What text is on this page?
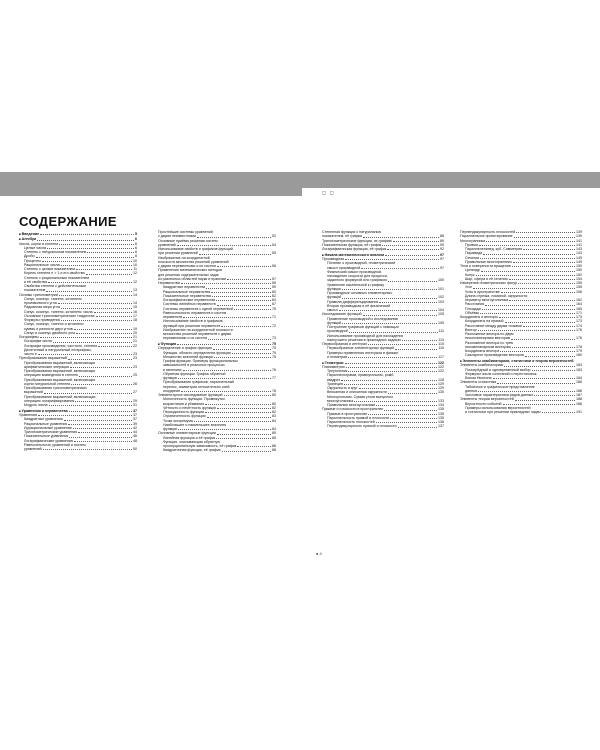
◻ ◻
СОДЕРЖАНИЕ
■ Введение	5
■ Алгебра	6
Числа, корни и степени	6
Целые числа	6
Степень с натуральным показателем	6
Дроби	8
Проценты	10
Рациональные числа	10
Степень с целым показателем	11
Корень степени n > 1 и его свойства	12
Степень с рациональным показателем
и её свойства	12
Свойства степени с действительным
показателем	13
Основы тригонометрии	14
Синус, косинус, тангенс, котангенс
произвольного угла	14
Радианная мера угла	15
Синус, косинус, тангенс, котангенс числа	16
Основные тригонометрические тождества	17
Формулы приведения	18
Синус, косинус, тангенс и котангенс
суммы и разности двух углов	19
Синус и косинус двойного угла	20
Логарифмы	21
Логарифм числа	21
Логарифм произведения, частного, степени	22
Десятичный и натуральный логарифмы,
число e	23
Преобразования выражений	23
Преобразования выражений, включающих
арифметические операции	23
Преобразования выражений, включающих
операцию возведения в степень	25
Преобразования выражений, включающих
корни натуральной степени	26
Преобразования тригонометрических
выражений	27
Преобразование выражений, включающих
операцию логарифмирования	29
Модуль числа	31
■ Уравнения и неравенства	37
Уравнения	37
Квадратные уравнения	37
Рациональные уравнения	39
Иррациональные уравнения	42
Тригонометрические уравнения	44
Показательные уравнения	46
Логарифмические уравнения	48
Равносильность уравнений и систем
уравнений	50
Простейшие системы уравнений
с двумя неизвестными	52
Основные приёмы решения систем
уравнений	54
Использование свойств и графиков функций
при решении уравнений	55
Изображение на координатной
плоскости множества решений уравнений
с двумя переменными и их систем	56
Применение математических методов
для решения содержательных задач
из различных областей науки и практики	57
Неравенства	59
Квадратные неравенства	59
Рациональные неравенства	60
Показательные неравенства	62
Логарифмические неравенства	64
Системы линейных неравенств	67
Системы неравенств с одной переменной	70
Равносильность неравенств и систем
неравенств	71
Использование свойств и графиков
функций при решении неравенств	72
Изображение на координатной плоскости
множества решений неравенств с двумя
переменными и их систем	73
■ Функции	75
Определение и график функции	75
Функция, область определения функции	75
Множество значений функции	75
График функции. Примеры функциональных
зависимостей в реальных процессах
и явлениях	76
Обратная функция. График обратной
функции	77
Преобразования графиков: параллельный
перенос, симметрия относительно осей
координат	78
Элементарное исследование функций	80
Монотонность функции. Промежутки
возрастания и убывания	80
Чётность и нечётность функции	82
Периодичность функции	82
Ограниченность функции	83
Точки экстремума	84
Наибольшее и наименьшее значения
функции	84
Основные элементарные функции	85
Линейная функция и её график	85
Функция, описывающая обратную
пропорциональную зависимость, её график	86
Квадратичная функция, её график	86
Степенная функция с натуральным
показателем, её график	88
Тригонометрические функции, их графики	89
Показательная функция, её график	90
Логарифмическая функция, её график	92
■ Начала математического анализа	97
Производная	97
Понятие о производной, геометрический
смысл производной	97
Физический смысл производной,
нахождение скорости для процесса,
заданного формулой или графиком	100
Уравнение касательной к графику
функции	101
Производные основных элементарных
функций	102
Правила дифференцирования	103
Вторая производная и её физический
смысл	104
Исследование функций	105
Применение производной к исследованию
функций	105
Построение графиков функций с помощью
производной	111
Использование производной для нахождения
наилучшего решения в прикладных задачах	113
Первообразная и интеграл	115
Первообразные элементарных функций	115
Примеры применения интеграла в физике
и геометрии	117
■ Геометрия	122
Планиметрия	122
Треугольник	122
Параллелограмм, прямоугольник, ромб,
квадрат	128
Трапеция	129
Окружность и круг	129
Вписанная и описанная окружности	130
Многоугольник. Сумма углов выпуклого
многоугольника	133
Правильные многоугольники	134
Прямые и плоскости в пространстве	135
Прямые в пространстве	135
Параллельность прямой и плоскости	135
Параллельность плоскостей	136
Перпендикулярность прямой и плоскости	137
Перпендикулярность плоскостей	139
Параллельное проектирование	139
Многогранники	141
Призма	141
Параллелепипед, куб. Симметрия	143
Пирамида	143
Сечения	145
Правильные многогранники	149
Тела и поверхности вращения	150
Цилиндр	150
Конус	152
Шар, сфера и её сечения	154
Измерение геометрических фигур	155
Угол	155
Углы в пространстве	156
Длина отрезка, ломаной, окружности,
периметр многоугольника	162
Расстояния	164
Площади	165
Объёмы	171
Координаты и векторы	173
Координаты на прямой	173
Расстояние между двумя точками	174
Вектор	176
Разложение вектора по двум
неколлинеарным векторам	176
Разложение вектора по трём
некомпланарным векторам	178
Координаты вектора	179
Скалярное произведение векторов	180
■ Элементы комбинаторики, статистики и теории вероятностей
Элементы комбинаторики	183
Поочерёдный и одновременный выбор	183
Формулы числа сочетаний и перестановок.
Бином Ньютона	184
Элементы статистики	186
Табличное и графическое представление
данных	186
Числовые характеристики рядов данных	187
Элементы теории вероятностей	188
Вероятности событий	188
Примеры использования вероятностей
и статистики при решении прикладных задач	191
● 4
